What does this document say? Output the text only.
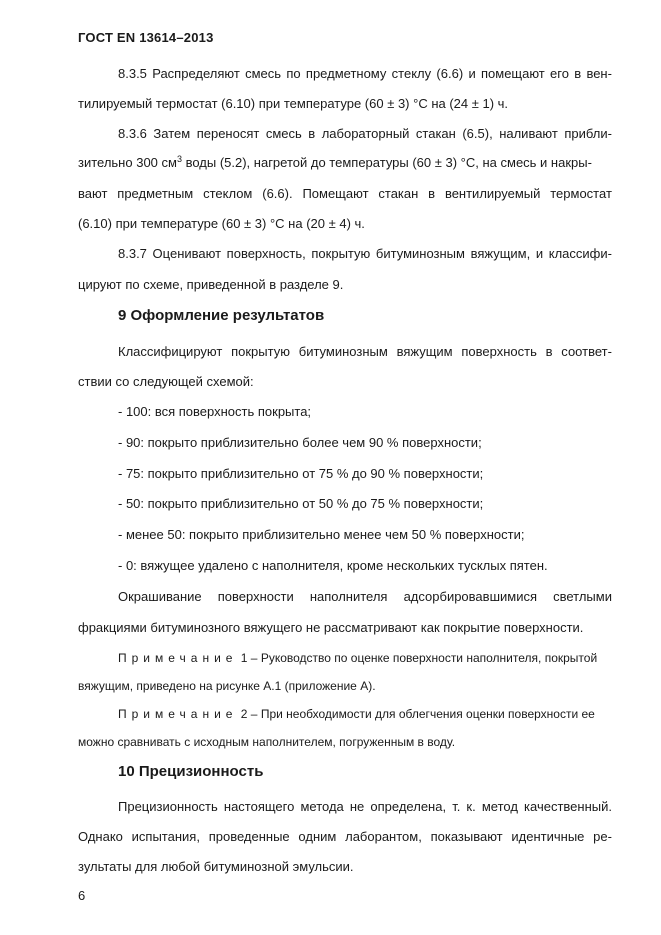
ГОСТ EN 13614–2013
8.3.5 Распределяют смесь по предметному стеклу (6.6) и помещают его в вен-
тилируемый термостат (6.10) при температуре (60 ± 3) °С на (24 ± 1) ч.
8.3.6 Затем переносят смесь в лабораторный стакан (6.5), наливают прибли-
зительно 300 $см^3$ воды (5.2), нагретой до температуры (60 ± 3) °С, на смесь и накры-
вают предметным стеклом (6.6). Помещают стакан в вентилируемый термостат
(6.10) при температуре (60 ± 3) °С на (20 ± 4) ч.
8.3.7 Оценивают поверхность, покрытую битуминозным вяжущим, и классифи-
цируют по схеме, приведенной в разделе 9.
9 Оформление результатов
Классифицируют покрытую битуминозным вяжущим поверхность в соответ-
ствии со следующей схемой:
- 100: вся поверхность покрыта;
- 90: покрыто приблизительно более чем 90 % поверхности;
- 75: покрыто приблизительно от 75 % до 90 % поверхности;
- 50: покрыто приблизительно от 50 % до 75 % поверхности;
- менее 50: покрыто приблизительно менее чем 50 % поверхности;
- 0: вяжущее удалено с наполнителя, кроме нескольких тусклых пятен.
Окрашивание поверхности наполнителя адсорбировавшимися светлыми
фракциями битуминозного вяжущего не рассматривают как покрытие поверхности.
Примечание 1 – Руководство по оценке поверхности наполнителя, покрытой
вяжущим, приведено на рисунке А.1 (приложение А).
Примечание 2 – При необходимости для облегчения оценки поверхности ее
можно сравнивать с исходным наполнителем, погруженным в воду.
10 Прецизионность
Прецизионность настоящего метода не определена, т. к. метод качественный.
Однако испытания, проведенные одним лаборантом, показывают идентичные ре-
зультаты для любой битуминозной эмульсии.
6
